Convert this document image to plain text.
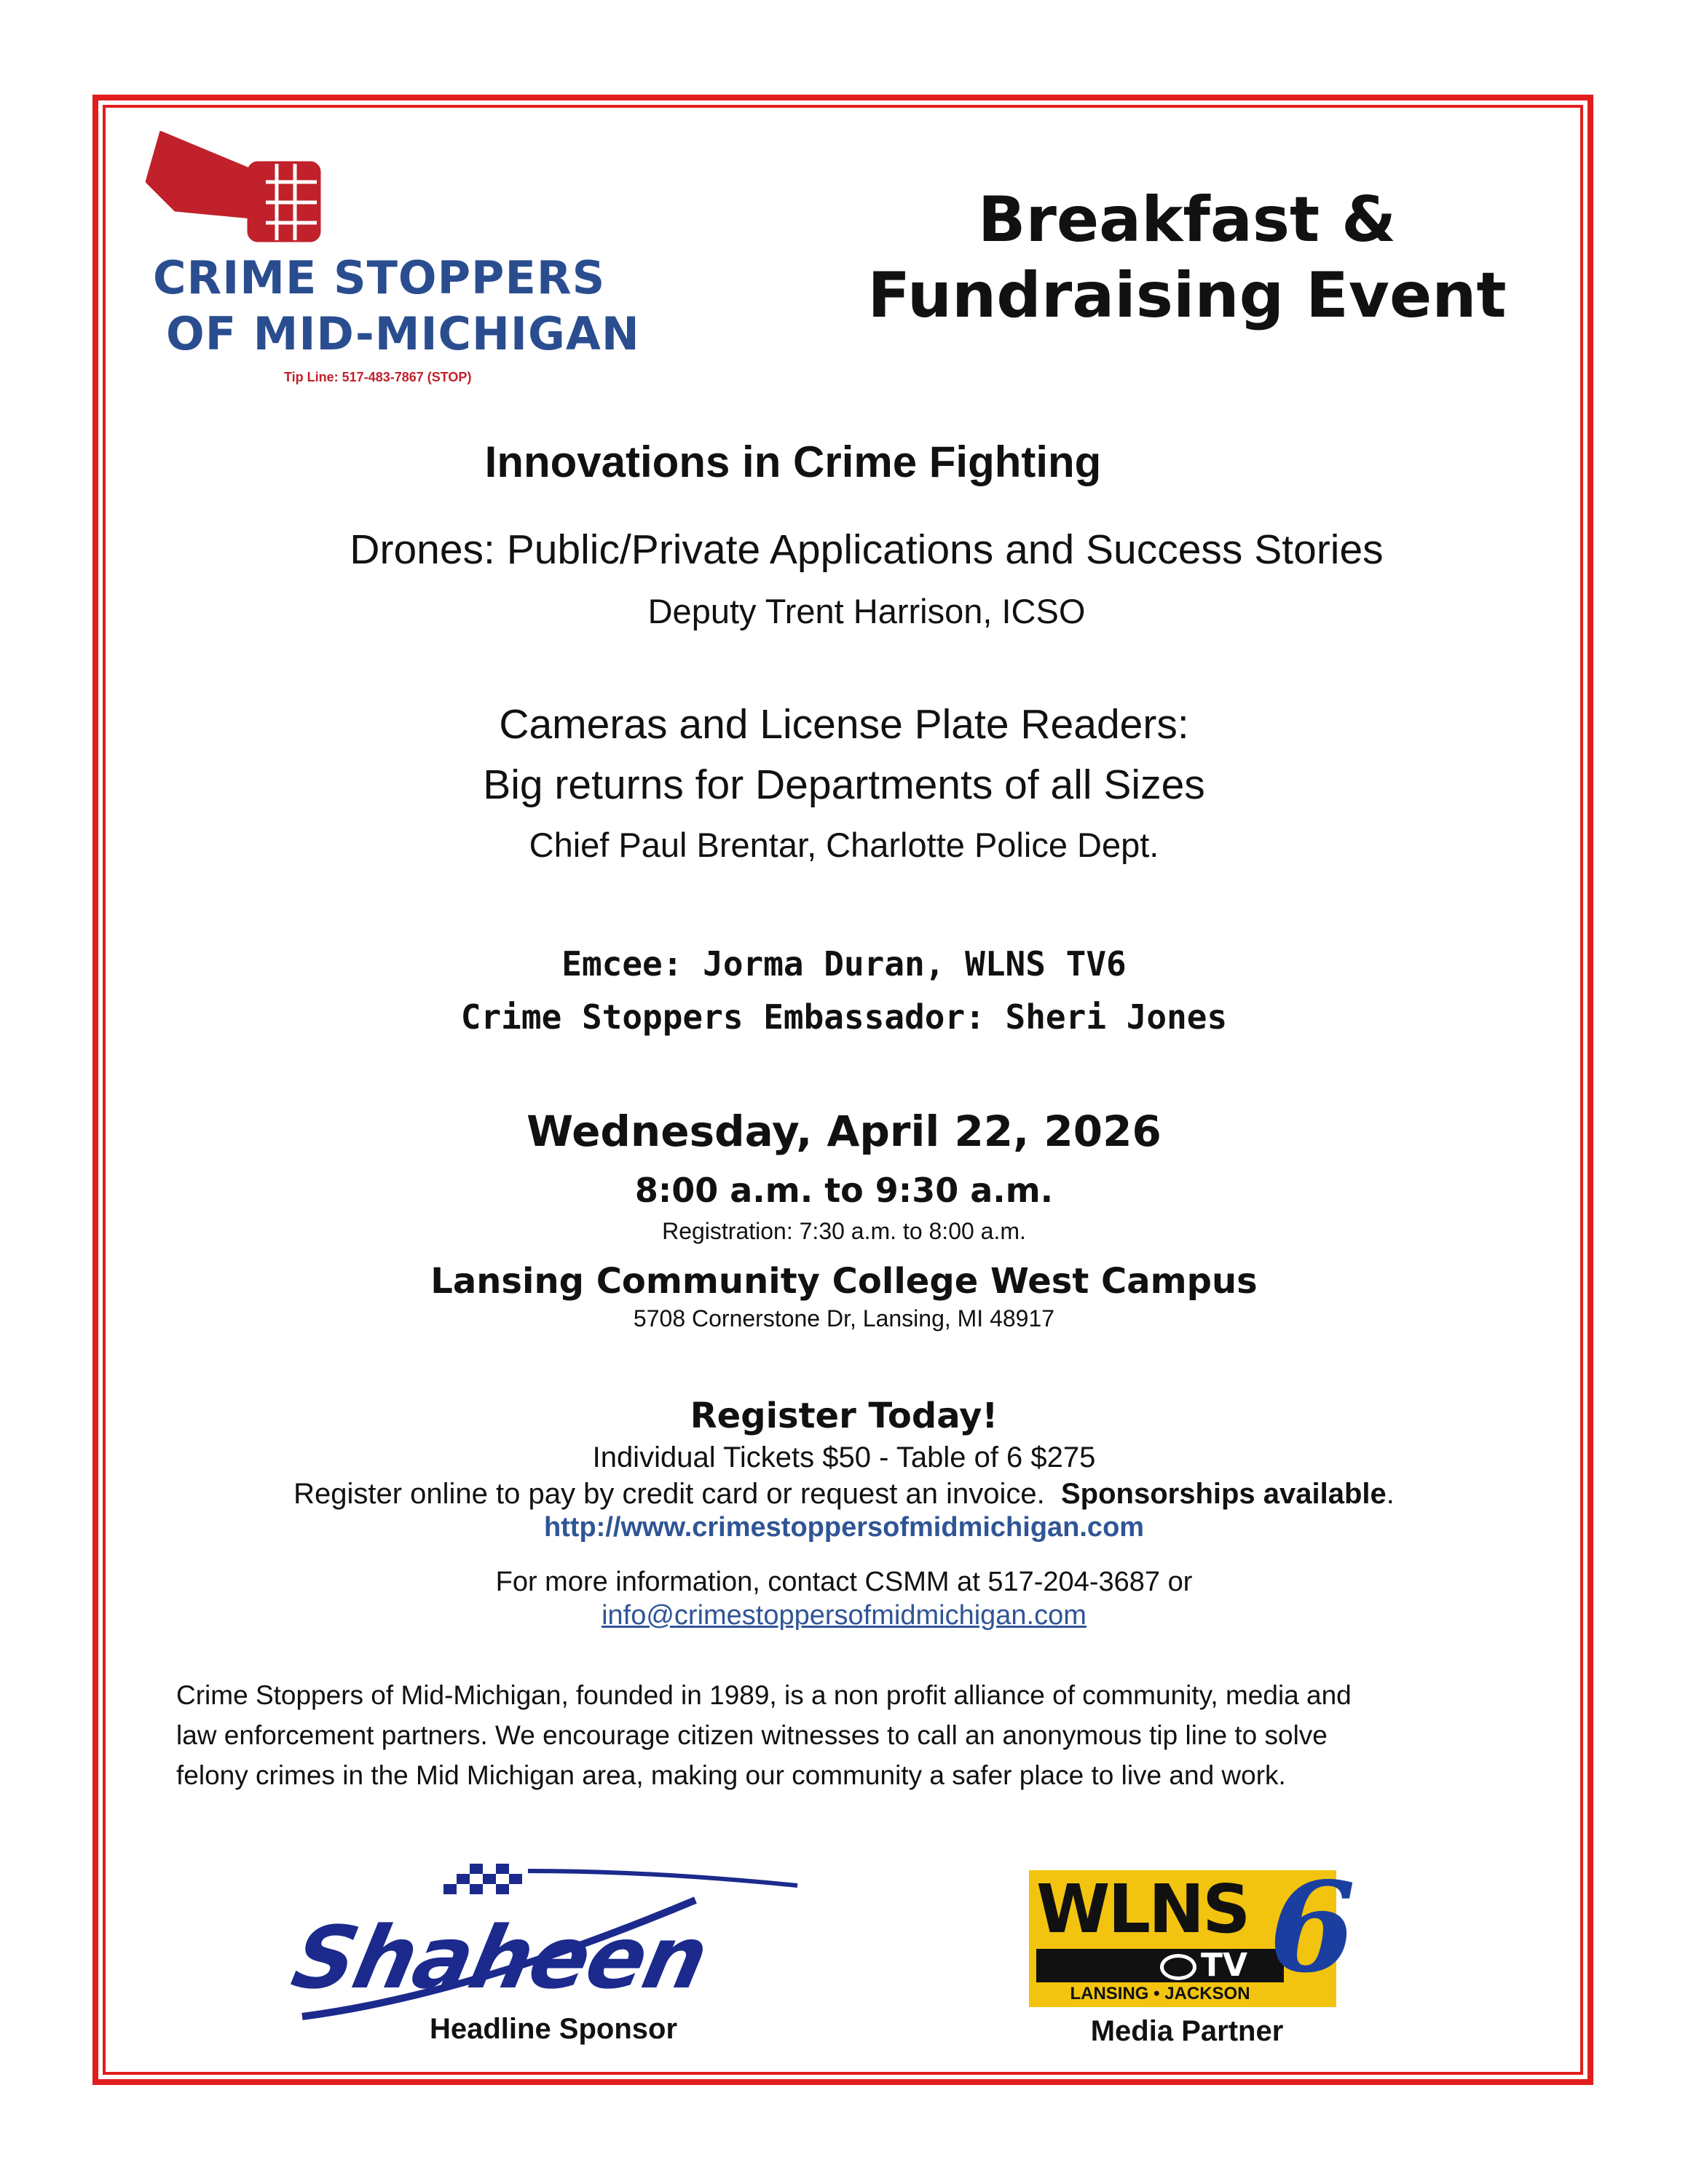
CRIME STOPPERS
OF MID-MICHIGAN
Tip Line: 517-483-7867 (STOP)
Breakfast &
Fundraising Event
Innovations in Crime Fighting
Drones: Public/Private Applications and Success Stories
Deputy Trent Harrison, ICSO
Cameras and License Plate Readers:
Big returns for Departments of all Sizes
Chief Paul Brentar, Charlotte Police Dept.
Emcee: Jorma Duran, WLNS TV6
Crime Stoppers Embassador: Sheri Jones
Wednesday, April 22, 2026
8:00 a.m. to 9:30 a.m.
Registration: 7:30 a.m. to 8:00 a.m.
Lansing Community College West Campus
5708 Cornerstone Dr, Lansing, MI 48917
Register Today!
Individual Tickets $50 - Table of 6 $275
Register online to pay by credit card or request an invoice.  Sponsorships available.
http://www.crimestoppersofmidmichigan.com
For more information, contact CSMM at 517-204-3687 or
info@crimestoppersofmidmichigan.com
Crime Stoppers of Mid-Michigan, founded in 1989, is a non profit alliance of community, media and
law enforcement partners. We encourage citizen witnesses to call an anonymous tip line to solve
felony crimes in the Mid Michigan area, making our community a safer place to live and work.
Shaheen
Headline Sponsor
WLNS
TV 6
LANSING • JACKSON
Media Partner
